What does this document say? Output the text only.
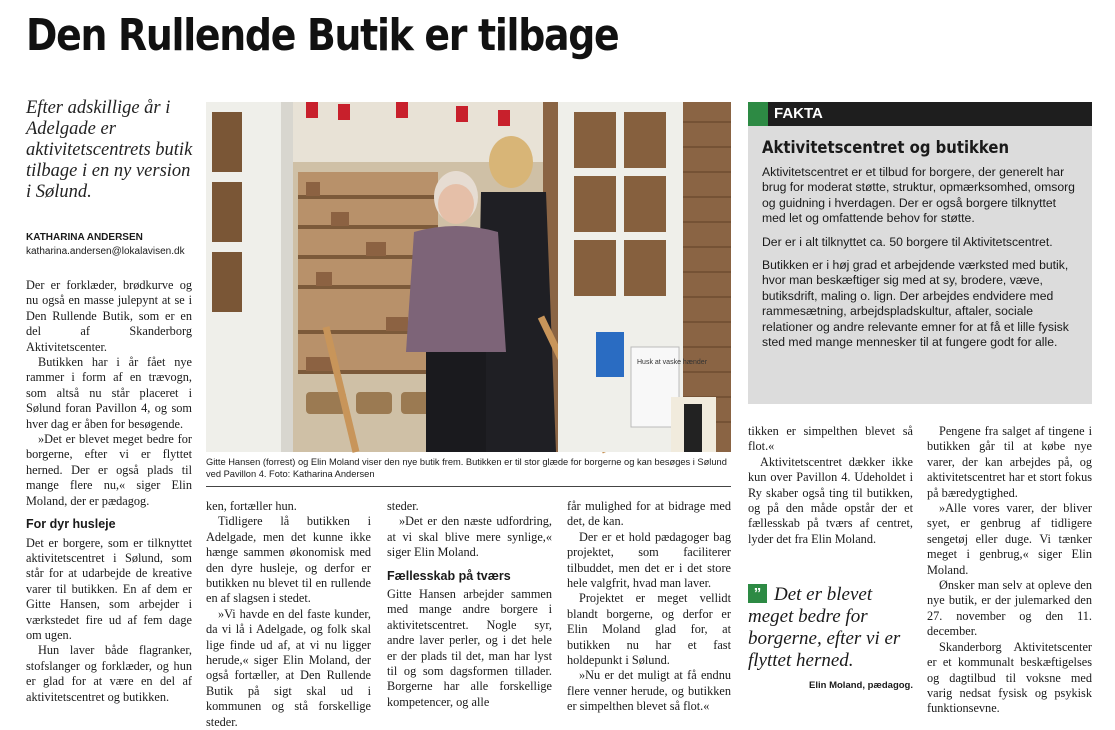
Den Rullende Butik er tilbage
Efter adskillige år i Adelgade er aktivitetscentrets butik tilbage i en ny version i Sølund.
KATHARINA ANDERSEN
katharina.andersen@lokalavisen.dk
Husk at vaske hænder
Gitte Hansen (forrest) og Elin Moland viser den nye butik frem. Butikken er til stor glæde for borgerne og kan besøges i Sølund ved Pavillon 4. Foto: Katharina Andersen

Der er forklæder, brødkurve og nu også en masse julepynt at se i Den Rullende Butik, som er en del af Skanderborg Aktivitetscenter.

Butikken har i år fået nye rammer i form af en trævogn, som altså nu står placeret i Sølund foran Pavillon 4, og som hver dag er åben for besøgende.

»Det er blevet meget bedre for borgerne, efter vi er flyttet herned. Der er også plads til mange flere nu,« siger Elin Moland, der er pædagog.

For dyr husleje

Det er borgere, som er tilknyttet aktivitetscentret i Sølund, som står for at udarbejde de kreative varer til butikken. En af dem er Gitte Hansen, som arbejder i værkstedet fire ud af fem dage om ugen.

Hun laver både flagranker, stofslanger og forklæder, og hun er glad for at være en del af aktivitetscentret og butikken.

ken, fortæller hun.

Tidligere lå butikken i Adelgade, men det kunne ikke hænge sammen økonomisk med den dyre husleje, og derfor er butikken nu blevet til en rullende en af slagsen i stedet.

»Vi havde en del faste kunder, da vi lå i Adelgade, og folk skal lige finde ud af, at vi nu ligger herude,« siger Elin Moland, der også fortæller, at Den Rullende Butik på sigt skal ud i kommunen og stå forskellige steder.

steder.

»Det er den næste udfordring, at vi skal blive mere synlige,« siger Elin Moland.

Fællesskab på tværs

Gitte Hansen arbejder sammen med mange andre borgere i aktivitetscentret. Nogle syr, andre laver perler, og i det hele er der plads til det, man har lyst til og som dagsformen tillader. Borgerne har alle forskellige kompetencer, og alle

får mulighed for at bidrage med det, de kan.

Der er et hold pædagoger bag projektet, som faciliterer tilbuddet, men det er i det store hele valgfrit, hvad man laver.

Projektet er meget vellidt blandt borgerne, og derfor er Elin Moland glad for, at butikken nu har et fast holdepunkt i Sølund.

»Nu er det muligt at få endnu flere venner herude, og butikken er simpelthen blevet så flot.«

FAKTA
Aktivitetscentret og butikken

Aktivitetscentret er et tilbud for borgere, der generelt har brug for moderat støtte, struktur, opmærksomhed, omsorg og guidning i hverdagen. Der er også borgere tilknyttet med let og omfattende behov for støtte.

Der er i alt tilknyttet ca. 50 borgere til Aktivitetscentret.

Butikken er i høj grad et arbejdende værksted med butik, hvor man beskæftiger sig med at sy, brodere, væve, butiksdrift, maling o. lign. Der arbejdes endvidere med rammesætning, arbejdspladskultur, aftaler, sociale relationer og andre relevante emner for at få et lille fysisk sted med mange mennesker til at fungere godt for alle.

tikken er simpelthen blevet så flot.«

Aktivitetscentret dækker ikke kun over Pavillon 4. Udeholdet i Ry skaber også ting til butikken, og på den måde opstår der et fællesskab på tværs af centret, lyder det fra Elin Moland.

Det er blevet meget bedre for borgerne, efter vi er flyttet herned.
”
Elin Moland, pædagog.

Pengene fra salget af tingene i butikken går til at købe nye varer, der kan arbejdes på, og aktivitetscentret har et stort fokus på bæredygtighed.

»Alle vores varer, der bliver syet, er genbrug af tidligere sengetøj eller duge. Vi tænker meget i genbrug,« siger Elin Moland.

Ønsker man selv at opleve den nye butik, er der julemarked den 27. november og den 11. december.

Skanderborg Aktivitetscenter er et kommunalt beskæftigelses og dagtilbud til voksne med varig nedsat fysisk og psykisk funktionsevne.
